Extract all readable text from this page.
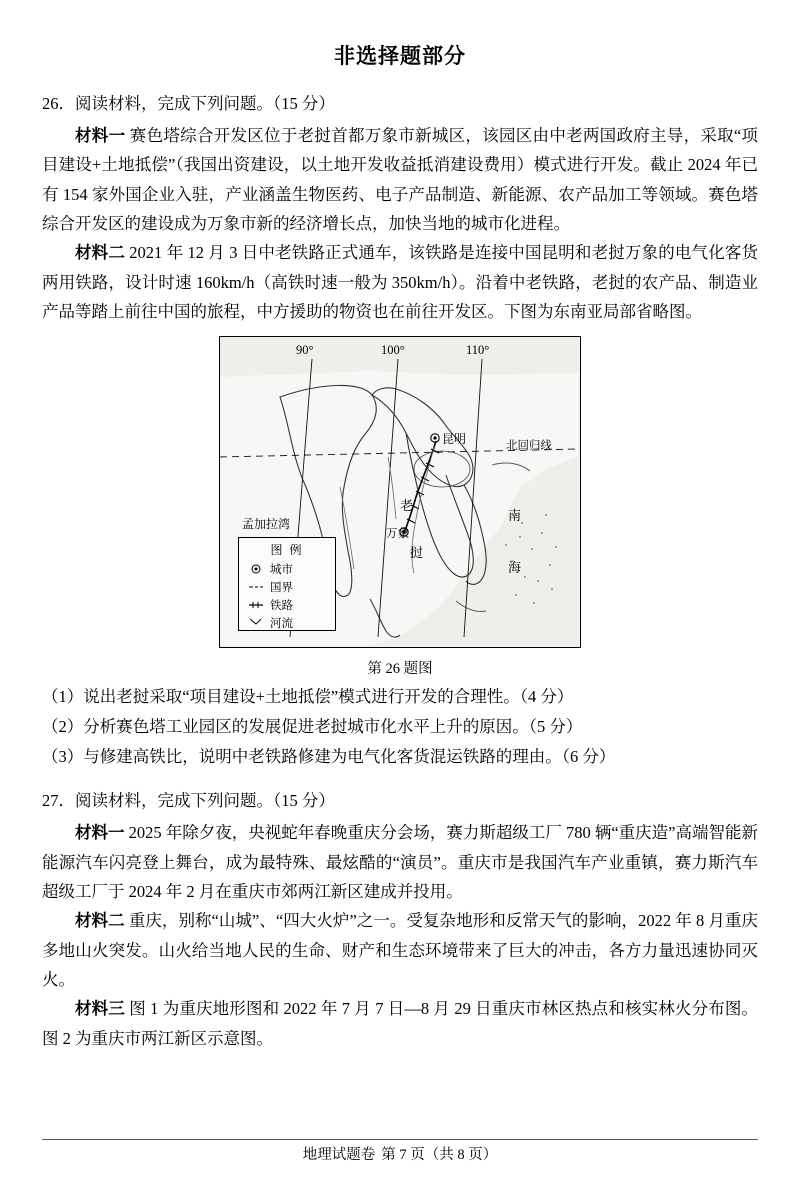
非选择题部分

26．阅读材料，完成下列问题。（15 分）

材料一 赛色塔综合开发区位于老挝首都万象市新城区，该园区由中老两国政府主导，采取“项目建设+土地抵偿”（我国出资建设，以土地开发收益抵消建设费用）模式进行开发。截止 2024 年已有 154 家外国企业入驻，产业涵盖生物医药、电子产品制造、新能源、农产品加工等领域。赛色塔综合开发区的建设成为万象市新的经济增长点，加快当地的城市化进程。

材料二 2021 年 12 月 3 日中老铁路正式通车，该铁路是连接中国昆明和老挝万象的电气化客货两用铁路，设计时速 160km/h（高铁时速一般为 350km/h）。沿着中老铁路，老挝的农产品、制造业产品等踏上前往中国的旅程，中方援助的物资也在前往开发区。下图为东南亚局部省略图。

90°	100°	110°
昆明	北回归线
孟加拉湾
老
挝
万象
南
海
图 例
城市
国界
铁路
河流
第 26 题图

（1）说出老挝采取“项目建设+土地抵偿”模式进行开发的合理性。（4 分）

（2）分析赛色塔工业园区的发展促进老挝城市化水平上升的原因。（5 分）

（3）与修建高铁比，说明中老铁路修建为电气化客货混运铁路的理由。（6 分）

27．阅读材料，完成下列问题。（15 分）

材料一 2025 年除夕夜，央视蛇年春晚重庆分会场，赛力斯超级工厂 780 辆“重庆造”高端智能新能源汽车闪亮登上舞台，成为最特殊、最炫酷的“演员”。重庆市是我国汽车产业重镇，赛力斯汽车超级工厂于 2024 年 2 月在重庆市郊两江新区建成并投用。

材料二 重庆，别称“山城”、“四大火炉”之一。受复杂地形和反常天气的影响，2022 年 8 月重庆多地山火突发。山火给当地人民的生命、财产和生态环境带来了巨大的冲击，各方力量迅速协同灭火。

材料三 图 1 为重庆地形图和 2022 年 7 月 7 日—8 月 29 日重庆市林区热点和核实林火分布图。图 2 为重庆市两江新区示意图。

地理试题卷 第 7 页（共 8 页）
